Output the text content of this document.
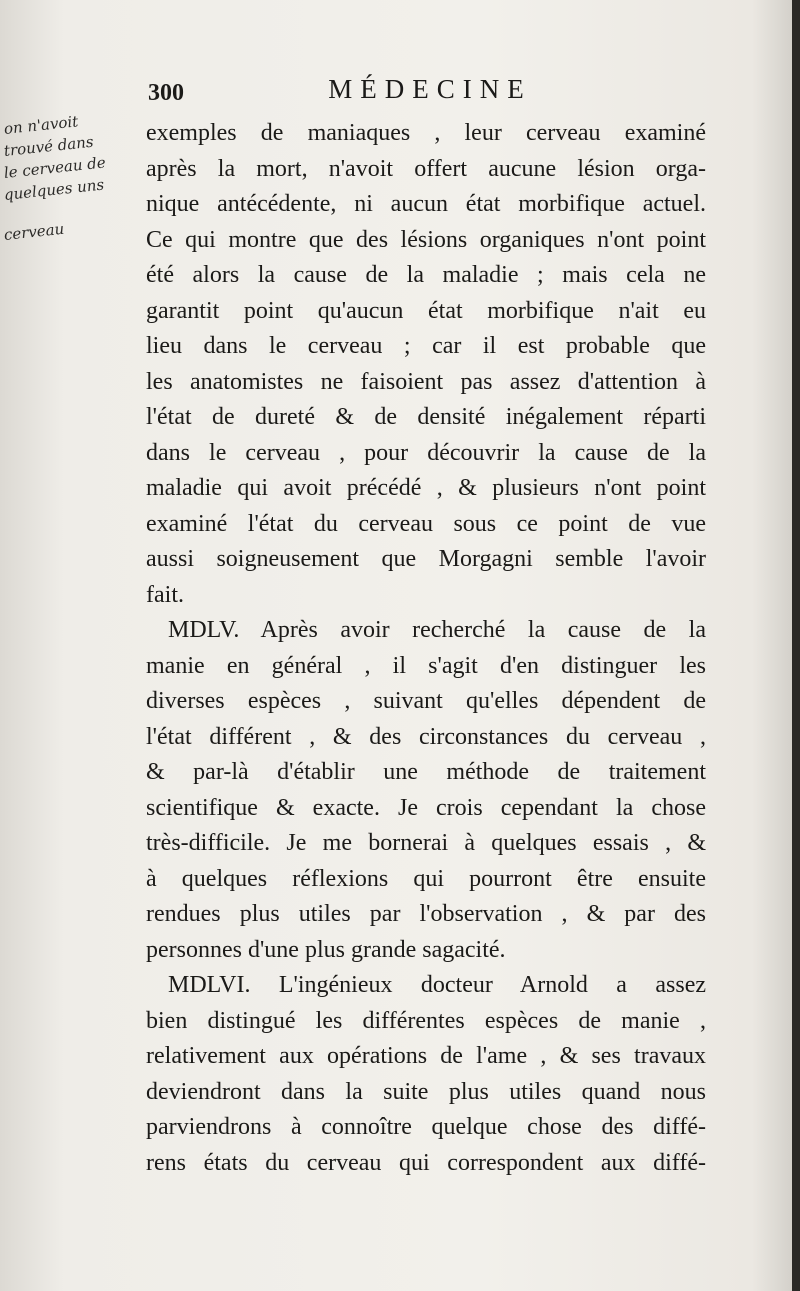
300	MÉDECINE
on n'avoit
trouvé dans
le cerveau de
quelques uns
cerveau
exemples de maniaques , leur cerveau examiné
après la mort, n'avoit offert aucune lésion orga-
nique antécédente, ni aucun état morbifique actuel.
Ce qui montre que des lésions organiques n'ont point
été alors la cause de la maladie ; mais cela ne
garantit point qu'aucun état morbifique n'ait eu
lieu dans le cerveau ; car il est probable que
les anatomistes ne faisoient pas assez d'attention à
l'état de dureté & de densité inégalement réparti
dans le cerveau , pour découvrir la cause de la
maladie qui avoit précédé , & plusieurs n'ont point
examiné l'état du cerveau sous ce point de vue
aussi soigneusement que Morgagni semble l'avoir
fait.
MDLV. Après avoir recherché la cause de la
manie en général , il s'agit d'en distinguer les
diverses espèces , suivant qu'elles dépendent de
l'état différent , & des circonstances du cerveau ,
& par-là d'établir une méthode de traitement
scientifique & exacte. Je crois cependant la chose
très-difficile. Je me bornerai à quelques essais , &
à quelques réflexions qui pourront être ensuite
rendues plus utiles par l'observation , & par des
personnes d'une plus grande sagacité.
MDLVI. L'ingénieux docteur Arnold a assez
bien distingué les différentes espèces de manie ,
relativement aux opérations de l'ame , & ses travaux
deviendront dans la suite plus utiles quand nous
parviendrons à connoître quelque chose des diffé-
rens états du cerveau qui correspondent aux diffé-
